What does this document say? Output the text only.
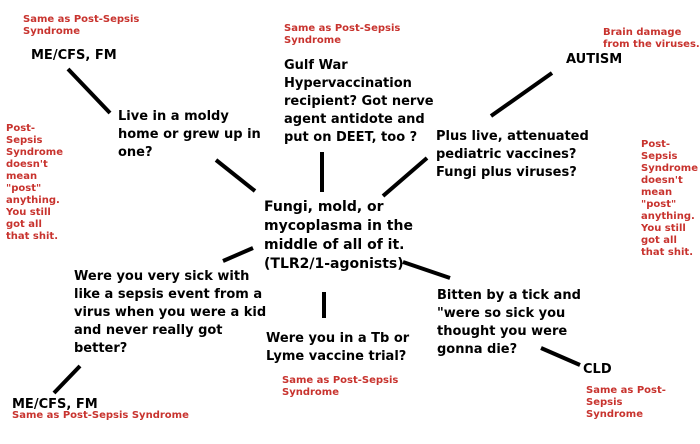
Same as Post-Sepsis
Syndrome	Same as Post-Sepsis
Syndrome
Brain damage
from the viruses.
Post-
Sepsis
Syndrome
doesn't
mean
"post"
anything.
You still
got all
that shit.
Post-
Sepsis
Syndrome
doesn't
mean
"post"
anything.
You still
got all
that shit.
Same as Post-Sepsis
Syndrome
Same as Post-Sepsis Syndrome
Same as Post-Sepsis
Syndrome
ME/CFS, FM	AUTISM
ME/CFS, FM
CLD
Live in a moldy
home or grew up in
one?
Gulf War
Hypervaccination
recipient? Got nerve
agent antidote and
put on DEET, too ?	Plus live, attenuated
pediatric vaccines?
Fungi plus viruses?
Fungi, mold, or
mycoplasma in the
middle of all of it.
(TLR2/1-agonists)
Were you very sick with
like a sepsis event from a
virus when you were a kid
and never really got
better?
Were you in a Tb or
Lyme vaccine trial?
Bitten by a tick and
"were so sick you
thought you were
gonna die?
